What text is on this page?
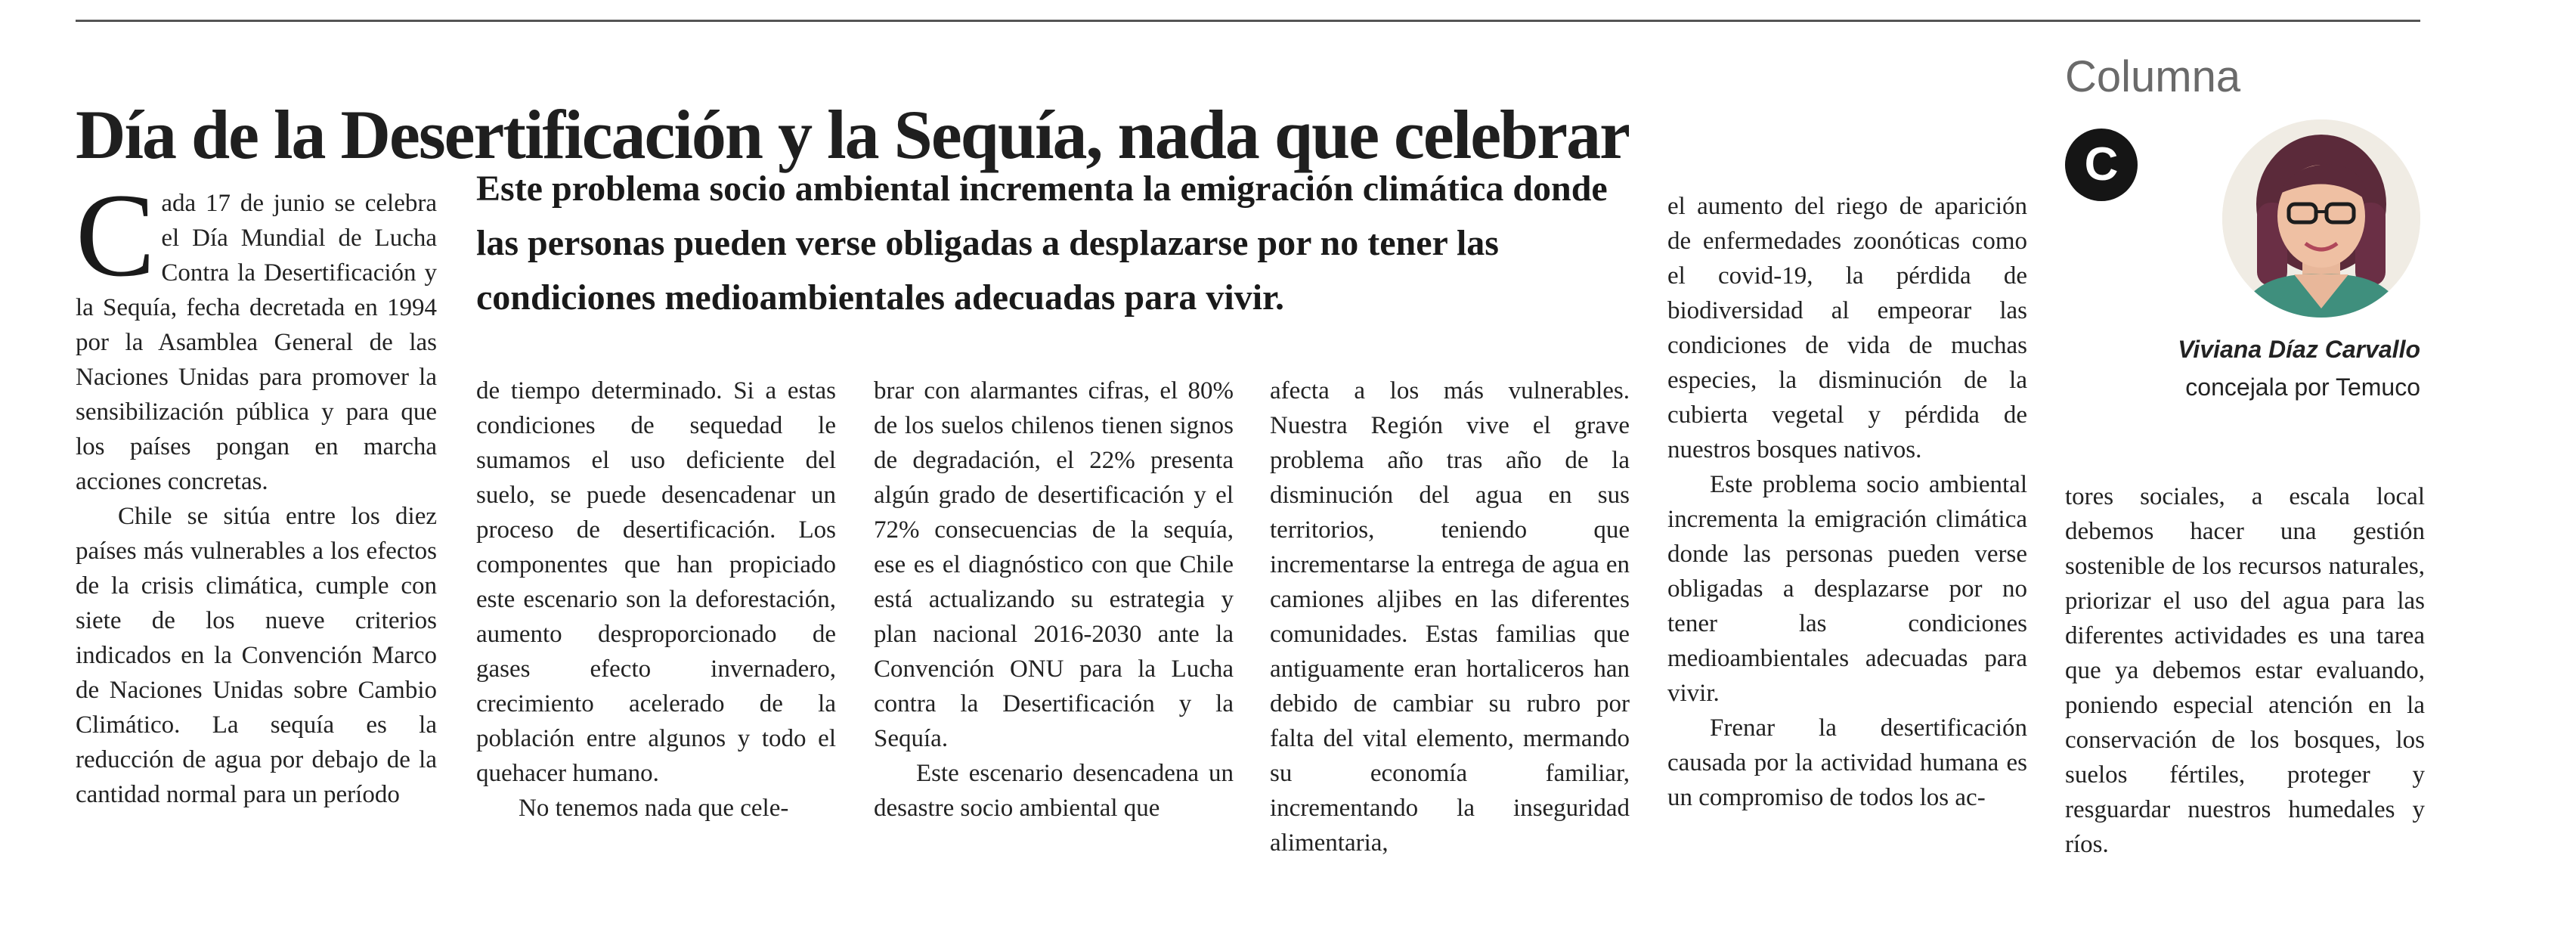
Día de la Desertificación y la Sequía, nada que celebrar
Columna
C
Viviana Díaz Carvallo
concejala por Temuco
Este problema socio ambiental incrementa la emigración climática donde las personas pueden verse obligadas a desplazarse por no tener las condiciones medioambientales adecuadas para vivir.

Cada 17 de junio se celebra el Día Mundial de Lucha Contra la Desertificación y la Sequía, fecha decretada en 1994 por la Asamblea General de las Naciones Unidas para promover la sensibilización pública y para que los países pongan en marcha acciones concretas.

Chile se sitúa entre los diez países más vulnerables a los efectos de la crisis climática, cumple con siete de los nueve criterios indicados en la Convención Marco de Naciones Unidas sobre Cambio Climático. La sequía es la reducción de agua por debajo de la cantidad normal para un período

de tiempo determinado. Si a estas condiciones de sequedad le sumamos el uso deficiente del suelo, se puede desencadenar un proceso de desertificación. Los componentes que han propiciado este escenario son la deforestación, aumento desproporcionado de gases efecto invernadero, crecimiento acelerado de la población entre algunos y todo el quehacer humano.

No tenemos nada que cele-

brar con alarmantes cifras, el 80% de los suelos chilenos tienen signos de degradación, el 22% presenta algún grado de desertificación y el 72% consecuencias de la sequía, ese es el diagnóstico con que Chile está actualizando su estrategia y plan nacional 2016-2030 ante la Convención ONU para la Lucha contra la Desertificación y la Sequía.

Este escenario desencadena un desastre socio ambiental que

afecta a los más vulnerables. Nuestra Región vive el grave problema año tras año de la disminución del agua en sus territorios, teniendo que incrementarse la entrega de agua en camiones aljibes en las diferentes comunidades. Estas familias que antiguamente eran hortaliceros han debido de cambiar su rubro por falta del vital elemento, mermando su economía familiar, incrementando la inseguridad alimentaria,

el aumento del riego de aparición de enfermedades zoonóticas como el covid-19, la pérdida de biodiversidad al empeorar las condiciones de vida de muchas especies, la disminución de la cubierta vegetal y pérdida de nuestros bosques nativos.

Este problema socio ambiental incrementa la emigración climática donde las personas pueden verse obligadas a desplazarse por no tener las condiciones medioambientales adecuadas para vivir.

Frenar la desertificación causada por la actividad humana es un compromiso de todos los ac-

tores sociales, a escala local debemos hacer una gestión sostenible de los recursos naturales, priorizar el uso del agua para las diferentes actividades es una tarea que ya debemos estar evaluando, poniendo especial atención en la conservación de los bosques, los suelos fértiles, proteger y resguardar nuestros humedales y ríos.
